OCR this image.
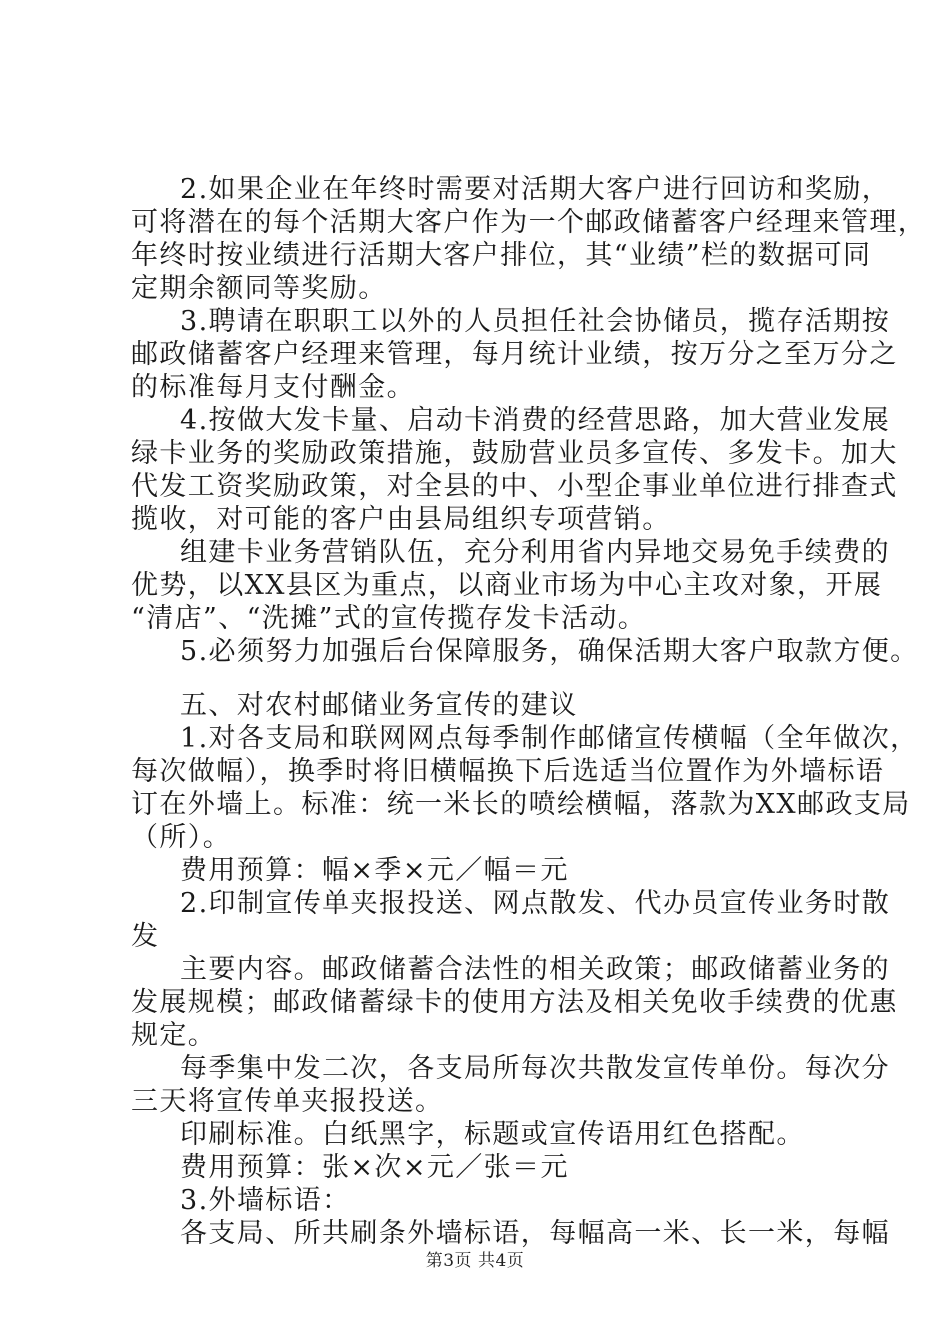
2.如果企业在年终时需要对活期大客户进行回访和奖励，
可将潜在的每个活期大客户作为一个邮政储蓄客户经理来管理，
年终时按业绩进行活期大客户排位，其“业绩”栏的数据可同
定期余额同等奖励。
3.聘请在职职工以外的人员担任社会协储员，揽存活期按
邮政储蓄客户经理来管理，每月统计业绩，按万分之至万分之
的标准每月支付酬金。
4.按做大发卡量、启动卡消费的经营思路，加大营业发展
绿卡业务的奖励政策措施，鼓励营业员多宣传、多发卡。加大
代发工资奖励政策，对全县的中、小型企事业单位进行排查式
揽收，对可能的客户由县局组织专项营销。
组建卡业务营销队伍，充分利用省内异地交易免手续费的
优势，以XX县区为重点，以商业市场为中心主攻对象，开展
“清店”、“洗摊”式的宣传揽存发卡活动。
5.必须努力加强后台保障服务，确保活期大客户取款方便。
五、对农村邮储业务宣传的建议
1.对各支局和联网网点每季制作邮储宣传横幅（全年做次，
每次做幅），换季时将旧横幅换下后选适当位置作为外墙标语
订在外墙上。标准：统一米长的喷绘横幅，落款为XX邮政支局
（所）。
费用预算：幅×季×元／幅＝元
2.印制宣传单夹报投送、网点散发、代办员宣传业务时散
发
主要内容。邮政储蓄合法性的相关政策；邮政储蓄业务的
发展规模；邮政储蓄绿卡的使用方法及相关免收手续费的优惠
规定。
每季集中发二次，各支局所每次共散发宣传单份。每次分
三天将宣传单夹报投送。
印刷标准。白纸黑字，标题或宣传语用红色搭配。
费用预算：张×次×元／张＝元
3.外墙标语：
各支局、所共刷条外墙标语，每幅高一米、长一米，每幅
第3页 共4页
